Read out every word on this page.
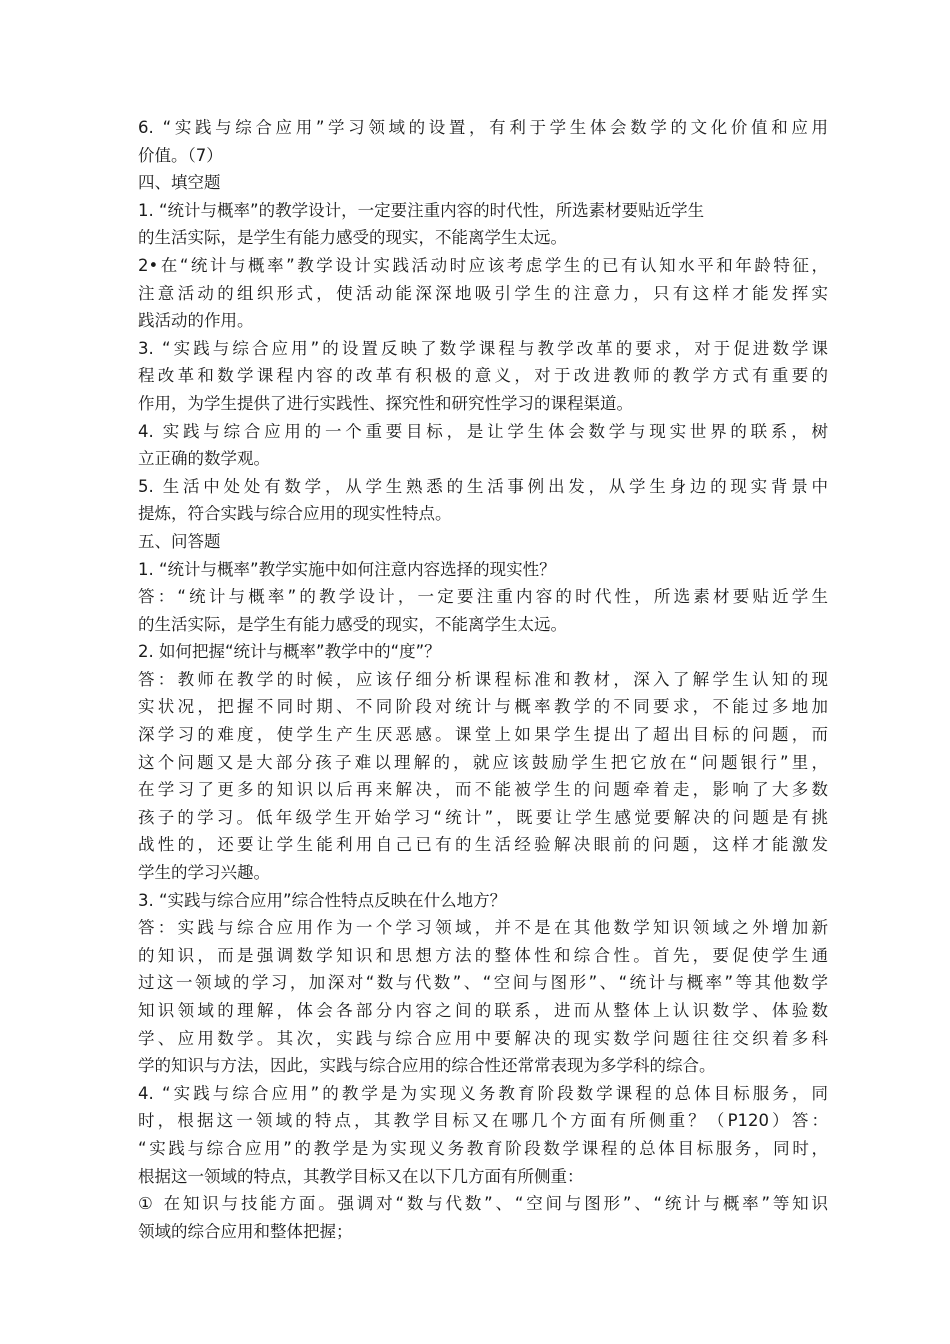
6. “实践与综合应用”学习领域的设置，有利于学生体会数学的文化价值和应用
价值。（7）
四、填空题
1. “统计与概率”的教学设计，一定要注重内容的时代性，所选素材要贴近学生
的生活实际，是学生有能力感受的现实，不能离学生太远。
2•在“统计与概率”教学设计实践活动时应该考虑学生的已有认知水平和年龄特征，
注意活动的组织形式，使活动能深深地吸引学生的注意力，只有这样才能发挥实
践活动的作用。
3. “实践与综合应用”的设置反映了数学课程与教学改革的要求，对于促进数学课
程改革和数学课程内容的改革有积极的意义，对于改进教师的教学方式有重要的
作用，为学生提供了进行实践性、探究性和研究性学习的课程渠道。
4. 实践与综合应用的一个重要目标，是让学生体会数学与现实世界的联系，树
立正确的数学观。
5. 生活中处处有数学，从学生熟悉的生活事例出发，从学生身边的现实背景中
提炼，符合实践与综合应用的现实性特点。
五、问答题
1. “统计与概率”教学实施中如何注意内容选择的现实性？
答：“统计与概率”的教学设计，一定要注重内容的时代性，所选素材要贴近学生
的生活实际，是学生有能力感受的现实，不能离学生太远。
2. 如何把握“统计与概率”教学中的“度”？
答：教师在教学的时候，应该仔细分析课程标准和教材，深入了解学生认知的现
实状况，把握不同时期、不同阶段对统计与概率教学的不同要求，不能过多地加
深学习的难度，使学生产生厌恶感。课堂上如果学生提出了超出目标的问题，而
这个问题又是大部分孩子难以理解的，就应该鼓励学生把它放在“问题银行”里，
在学习了更多的知识以后再来解决，而不能被学生的问题牵着走，影响了大多数
孩子的学习。低年级学生开始学习“统计”，既要让学生感觉要解决的问题是有挑
战性的，还要让学生能利用自己已有的生活经验解决眼前的问题，这样才能激发
学生的学习兴趣。
3. “实践与综合应用”综合性特点反映在什么地方？
答：实践与综合应用作为一个学习领域，并不是在其他数学知识领域之外增加新
的知识，而是强调数学知识和思想方法的整体性和综合性。首先，要促使学生通
过这一领域的学习，加深对“数与代数”、“空间与图形”、“统计与概率”等其他数学
知识领域的理解，体会各部分内容之间的联系，进而从整体上认识数学、体验数
学、应用数学。其次，实践与综合应用中要解决的现实数学问题往往交织着多科
学的知识与方法，因此，实践与综合应用的综合性还常常表现为多学科的综合。
4. “实践与综合应用”的教学是为实现义务教育阶段数学课程的总体目标服务，同
时，根据这一领域的特点，其教学目标又在哪几个方面有所侧重？（P120）答：
“实践与综合应用”的教学是为实现义务教育阶段数学课程的总体目标服务，同时，
根据这一领域的特点，其教学目标又在以下几方面有所侧重：
① 在知识与技能方面。强调对“数与代数”、“空间与图形”、“统计与概率”等知识
领域的综合应用和整体把握；
